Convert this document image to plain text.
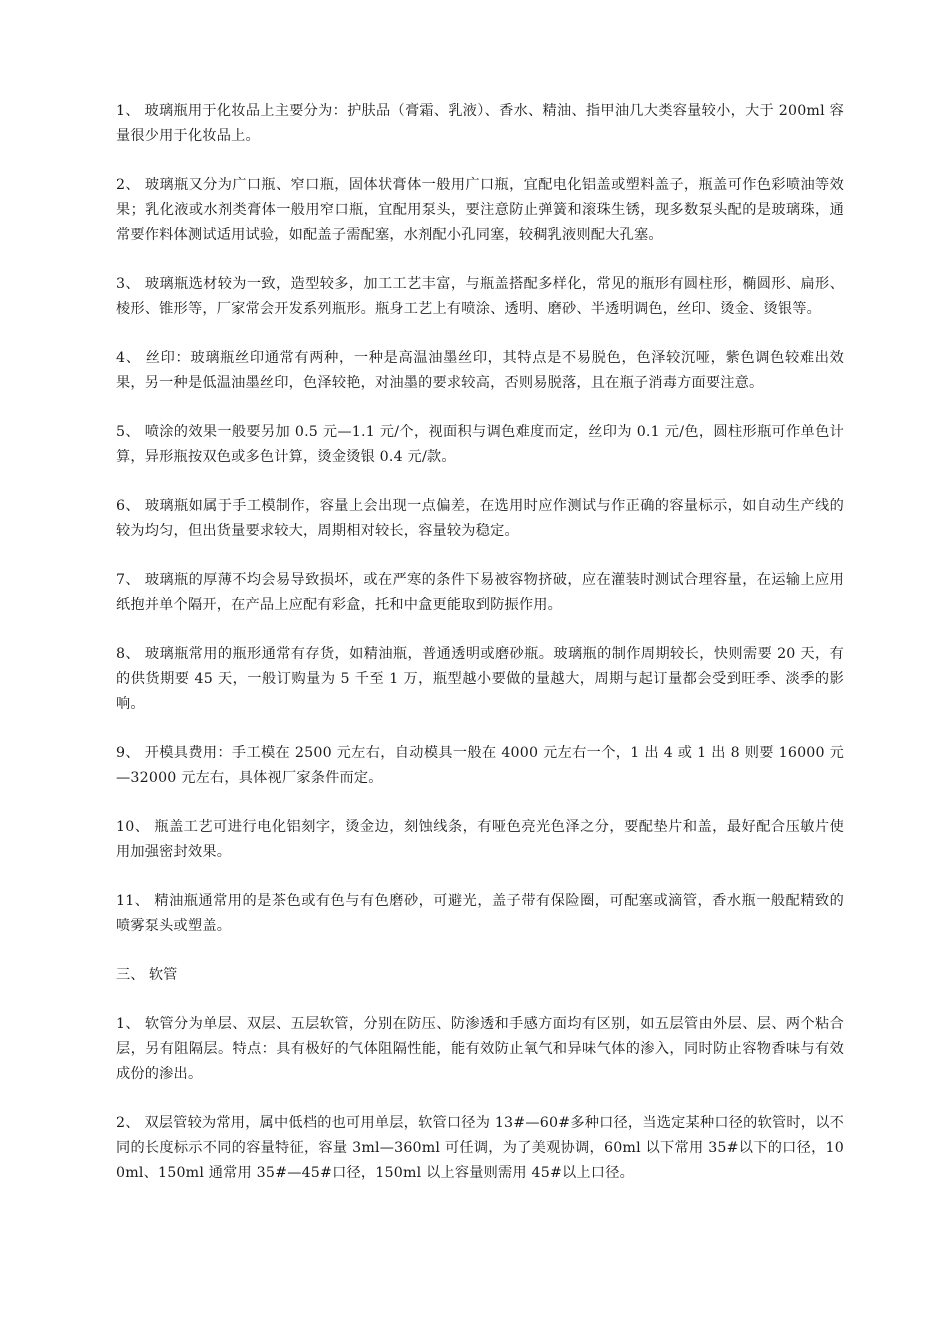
1、 玻璃瓶用于化妆品上主要分为：护肤品（膏霜、乳液）、香水、精油、指甲油几大类容量较小，大于 200ml 容量很少用于化妆品上。

2、 玻璃瓶又分为广口瓶、窄口瓶，固体状膏体一般用广口瓶，宜配电化铝盖或塑料盖子，瓶盖可作色彩喷油等效果；乳化液或水剂类膏体一般用窄口瓶，宜配用泵头，要注意防止弹簧和滚珠生锈，现多数泵头配的是玻璃珠，通常要作料体测试适用试验，如配盖子需配塞，水剂配小孔同塞，较稠乳液则配大孔塞。

3、 玻璃瓶选材较为一致，造型较多，加工工艺丰富，与瓶盖搭配多样化，常见的瓶形有圆柱形，椭圆形、扁形、棱形、锥形等，厂家常会开发系列瓶形。瓶身工艺上有喷涂、透明、磨砂、半透明调色，丝印、烫金、烫银等。

4、 丝印：玻璃瓶丝印通常有两种，一种是高温油墨丝印，其特点是不易脱色，色泽较沉哑，紫色调色较难出效果，另一种是低温油墨丝印，色泽较艳，对油墨的要求较高，否则易脱落，且在瓶子消毒方面要注意。

5、 喷涂的效果一般要另加 0.5 元—1.1 元/个，视面积与调色难度而定，丝印为 0.1 元/色，圆柱形瓶可作单色计算，异形瓶按双色或多色计算，烫金烫银 0.4 元/款。

6、 玻璃瓶如属于手工模制作，容量上会出现一点偏差，在选用时应作测试与作正确的容量标示，如自动生产线的较为均匀，但出货量要求较大，周期相对较长，容量较为稳定。

7、 玻璃瓶的厚薄不均会易导致损坏，或在严寒的条件下易被容物挤破，应在灌装时测试合理容量，在运输上应用纸抱并单个隔开，在产品上应配有彩盒，托和中盒更能取到防振作用。

8、 玻璃瓶常用的瓶形通常有存货，如精油瓶，普通透明或磨砂瓶。玻璃瓶的制作周期较长，快则需要 20 天，有的供货期要 45 天，一般订购量为 5 千至 1 万，瓶型越小要做的量越大，周期与起订量都会受到旺季、淡季的影响。

9、 开模具费用：手工模在 2500 元左右，自动模具一般在 4000 元左右一个，1 出 4 或 1 出 8 则要 16000 元—32000 元左右，具体视厂家条件而定。

10、 瓶盖工艺可进行电化铝刻字，烫金边，刻蚀线条，有哑色亮光色泽之分，要配垫片和盖，最好配合压敏片使用加强密封效果。

11、 精油瓶通常用的是茶色或有色与有色磨砂，可避光，盖子带有保险圈，可配塞或滴管，香水瓶一般配精致的喷雾泵头或塑盖。

三、 软管

1、 软管分为单层、双层、五层软管，分别在防压、防渗透和手感方面均有区别，如五层管由外层、层、两个粘合层，另有阻隔层。特点：具有极好的气体阻隔性能，能有效防止氧气和异味气体的渗入，同时防止容物香味与有效成份的渗出。

2、 双层管较为常用，属中低档的也可用单层，软管口径为 13#—60#多种口径，当选定某种口径的软管时，以不同的长度标示不同的容量特征，容量 3ml—360ml 可任调，为了美观协调，60ml 以下常用 35#以下的口径，100ml、150ml 通常用 35#—45#口径，150ml 以上容量则需用 45#以上口径。
